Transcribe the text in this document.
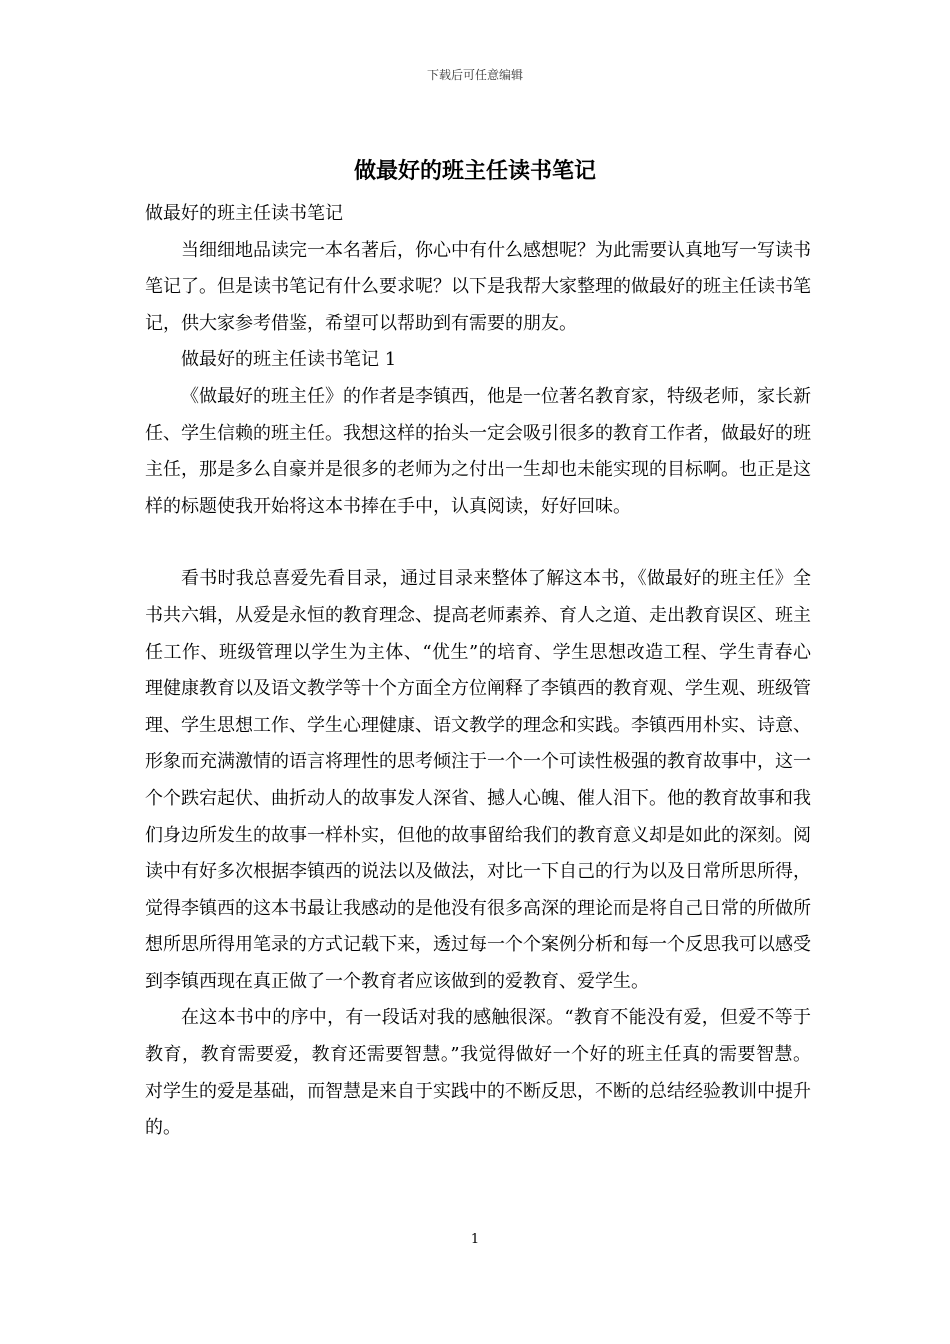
下载后可任意编辑
做最好的班主任读书笔记

做最好的班主任读书笔记

当细细地品读完一本名著后，你心中有什么感想呢？为此需要认真地写一写读书笔记了。但是读书笔记有什么要求呢？以下是我帮大家整理的做最好的班主任读书笔记，供大家参考借鉴，希望可以帮助到有需要的朋友。

做最好的班主任读书笔记 1

《做最好的班主任》的作者是李镇西，他是一位著名教育家，特级老师，家长新任、学生信赖的班主任。我想这样的抬头一定会吸引很多的教育工作者，做最好的班主任，那是多么自豪并是很多的老师为之付出一生却也未能实现的目标啊。也正是这样的标题使我开始将这本书捧在手中，认真阅读，好好回味。

看书时我总喜爱先看目录，通过目录来整体了解这本书，《做最好的班主任》全书共六辑，从爱是永恒的教育理念、提高老师素养、育人之道、走出教育误区、班主任工作、班级管理以学生为主体、“优生”的培育、学生思想改造工程、学生青春心理健康教育以及语文教学等十个方面全方位阐释了李镇西的教育观、学生观、班级管理、学生思想工作、学生心理健康、语文教学的理念和实践。李镇西用朴实、诗意、形象而充满激情的语言将理性的思考倾注于一个一个可读性极强的教育故事中，这一个个跌宕起伏、曲折动人的故事发人深省、撼人心魄、催人泪下。他的教育故事和我们身边所发生的故事一样朴实，但他的故事留给我们的教育意义却是如此的深刻。阅读中有好多次根据李镇西的说法以及做法，对比一下自己的行为以及日常所思所得，觉得李镇西的这本书最让我感动的是他没有很多高深的理论而是将自己日常的所做所想所思所得用笔录的方式记载下来，透过每一个个案例分析和每一个反思我可以感受到李镇西现在真正做了一个教育者应该做到的爱教育、爱学生。

在这本书中的序中，有一段话对我的感触很深。“教育不能没有爱，但爱不等于教育，教育需要爱，教育还需要智慧。”我觉得做好一个好的班主任真的需要智慧。对学生的爱是基础，而智慧是来自于实践中的不断反思，不断的总结经验教训中提升的。

1
